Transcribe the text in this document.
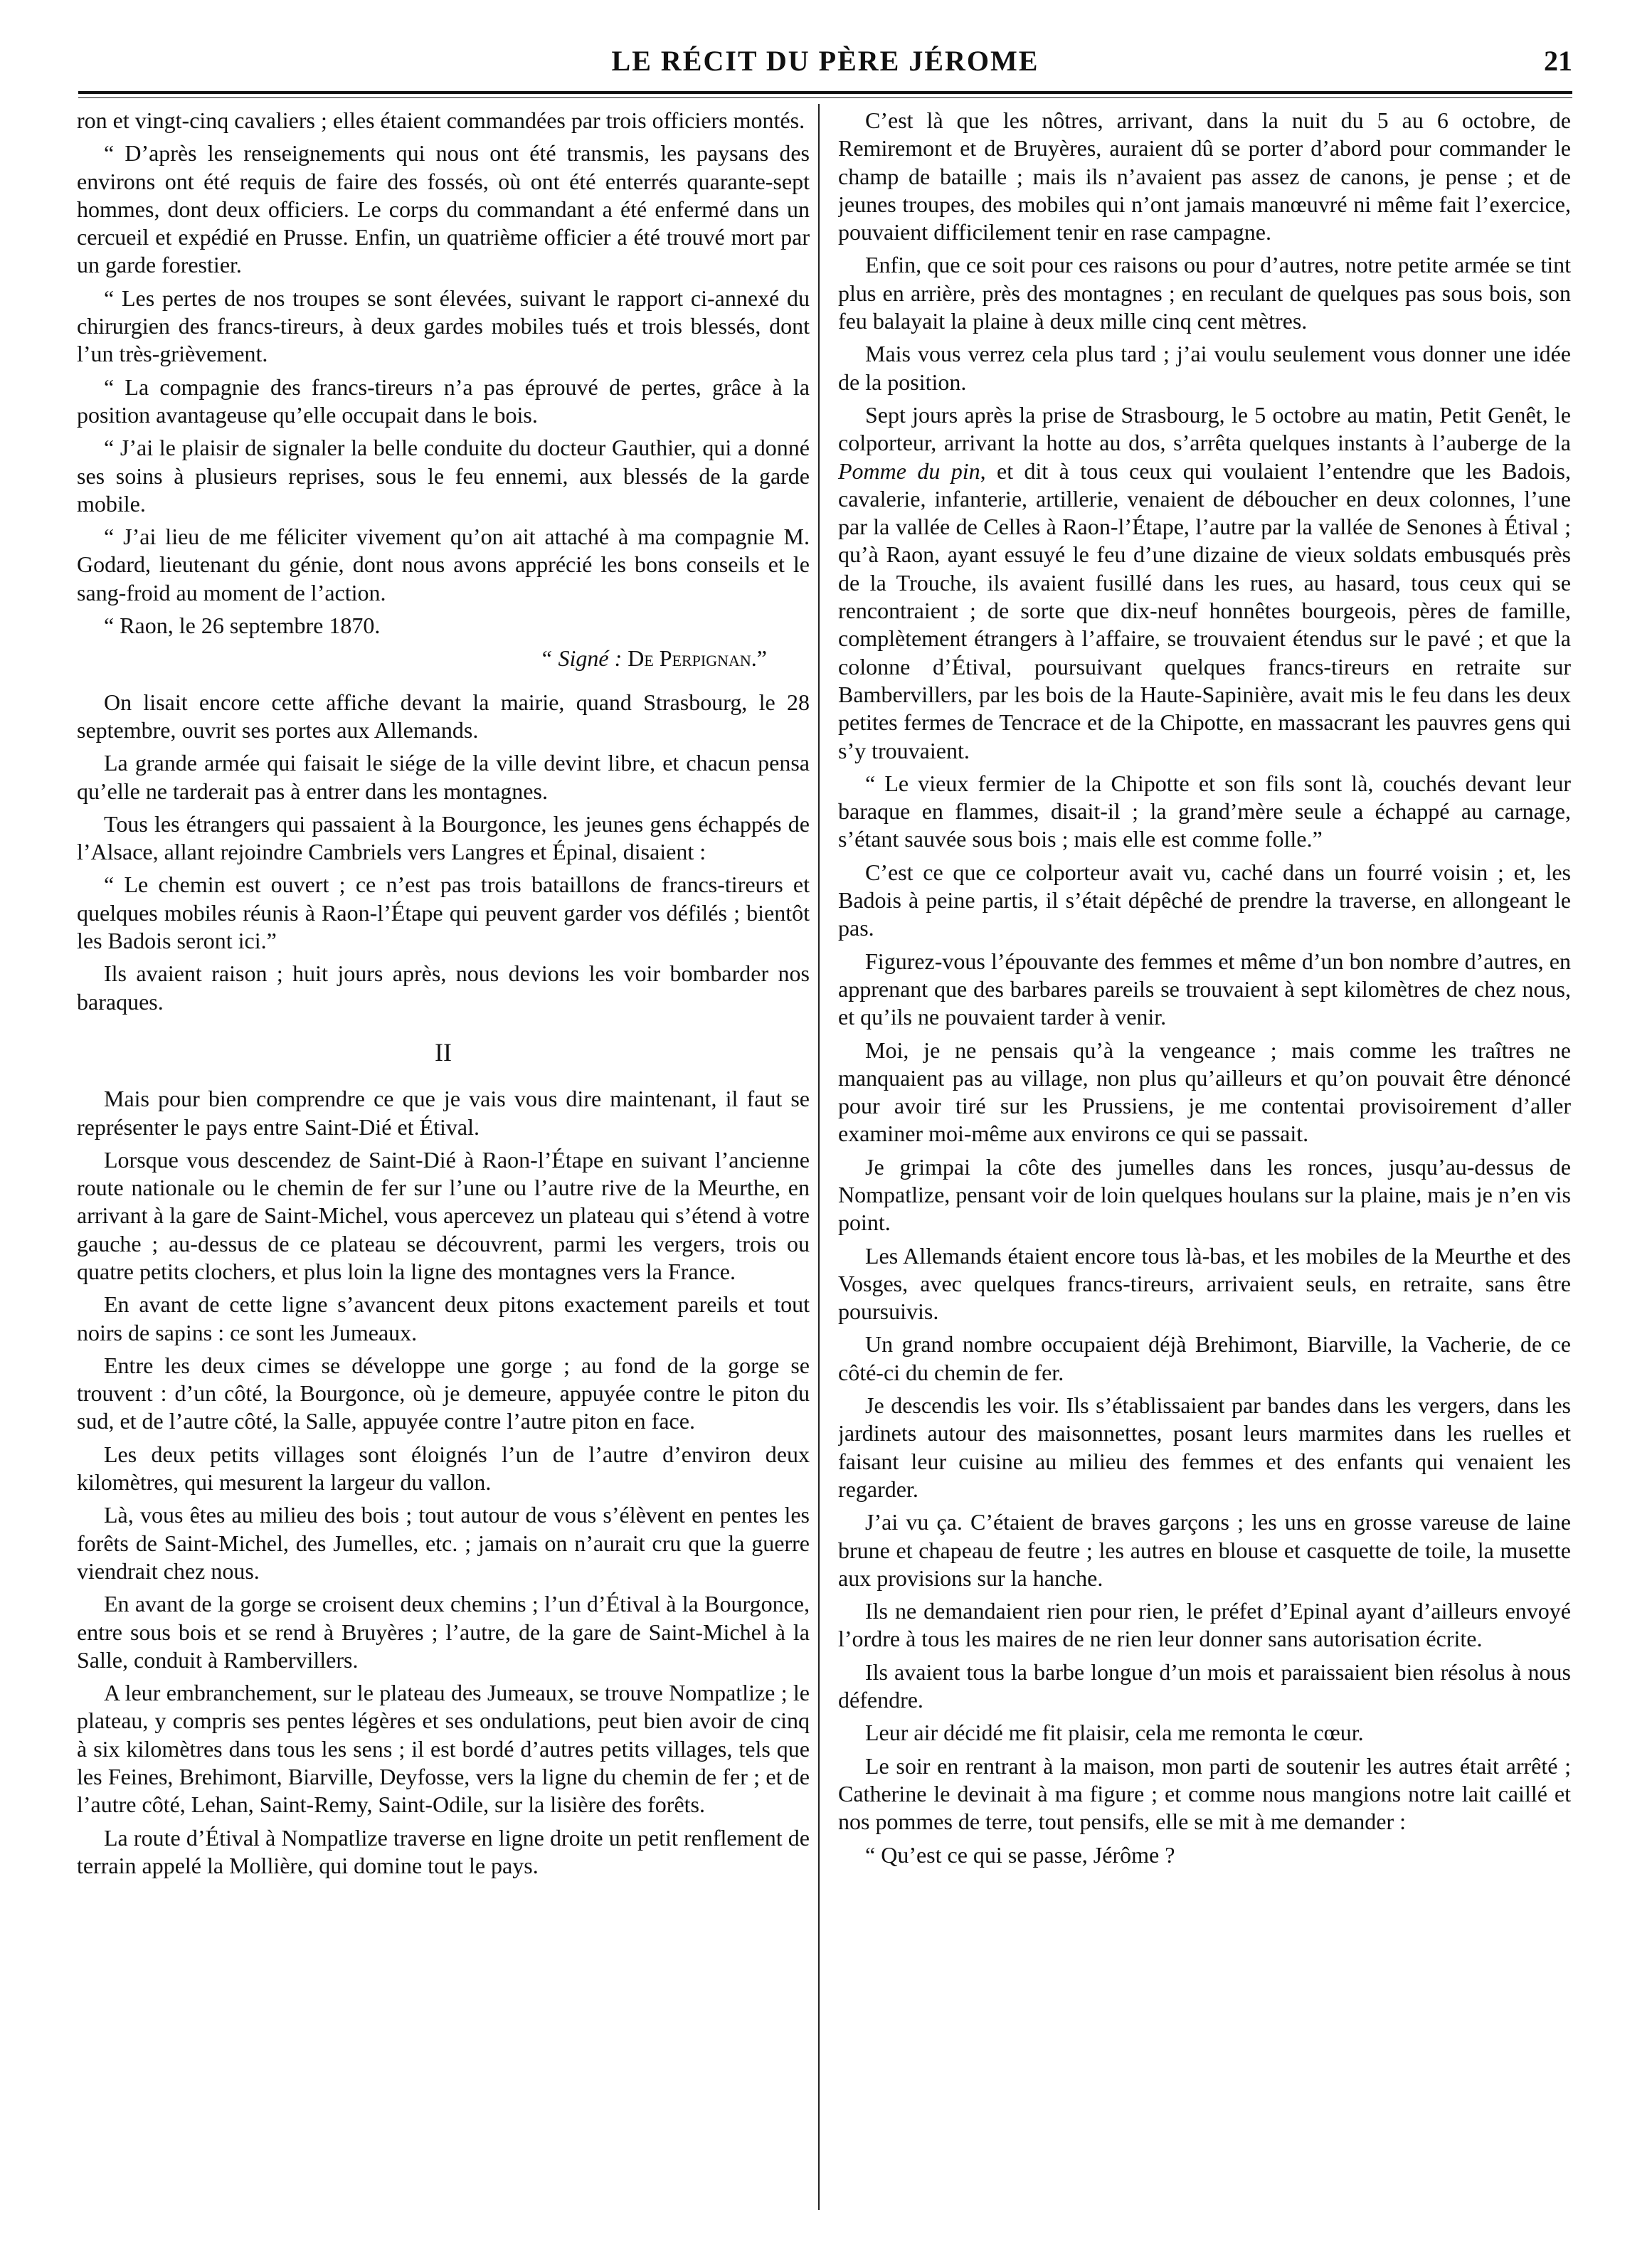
LE RÉCIT DU PÈRE JÉROME	21

ron et vingt-cinq cavaliers ; elles étaient commandées par trois officiers montés.

“ D’après les renseignements qui nous ont été transmis, les paysans des environs ont été requis de faire des fossés, où ont été enterrés quarante-sept hommes, dont deux officiers. Le corps du commandant a été enfermé dans un cercueil et expédié en Prusse. Enfin, un quatrième officier a été trouvé mort par un garde forestier.

“ Les pertes de nos troupes se sont élevées, suivant le rapport ci-annexé du chirurgien des francs-tireurs, à deux gardes mobiles tués et trois blessés, dont l’un très-grièvement.

“ La compagnie des francs-tireurs n’a pas éprouvé de pertes, grâce à la position avantageuse qu’elle occupait dans le bois.

“ J’ai le plaisir de signaler la belle conduite du docteur Gauthier, qui a donné ses soins à plusieurs reprises, sous le feu ennemi, aux blessés de la garde mobile.

“ J’ai lieu de me féliciter vivement qu’on ait attaché à ma compagnie M. Godard, lieutenant du génie, dont nous avons apprécié les bons conseils et le sang-froid au moment de l’action.

“ Raon, le 26 septembre 1870.

“ Signé : De Perpignan.”

On lisait encore cette affiche devant la mairie, quand Strasbourg, le 28 septembre, ouvrit ses portes aux Allemands.

La grande armée qui faisait le siége de la ville devint libre, et chacun pensa qu’elle ne tarderait pas à entrer dans les montagnes.

Tous les étrangers qui passaient à la Bourgonce, les jeunes gens échappés de l’Alsace, allant rejoindre Cambriels vers Langres et Épinal, disaient :

“ Le chemin est ouvert ; ce n’est pas trois bataillons de francs-tireurs et quelques mobiles réunis à Raon-l’Étape qui peuvent garder vos défilés ; bientôt les Badois seront ici.”

Ils avaient raison ; huit jours après, nous devions les voir bombarder nos baraques.

II

Mais pour bien comprendre ce que je vais vous dire maintenant, il faut se représenter le pays entre Saint-Dié et Étival.

Lorsque vous descendez de Saint-Dié à Raon-l’Étape en suivant l’ancienne route nationale ou le chemin de fer sur l’une ou l’autre rive de la Meurthe, en arrivant à la gare de Saint-Michel, vous apercevez un plateau qui s’étend à votre gauche ; au-dessus de ce plateau se découvrent, parmi les vergers, trois ou quatre petits clochers, et plus loin la ligne des montagnes vers la France.

En avant de cette ligne s’avancent deux pitons exactement pareils et tout noirs de sapins : ce sont les Jumeaux.

Entre les deux cimes se développe une gorge ; au fond de la gorge se trouvent : d’un côté, la Bourgonce, où je demeure, appuyée contre le piton du sud, et de l’autre côté, la Salle, appuyée contre l’autre piton en face.

Les deux petits villages sont éloignés l’un de l’autre d’environ deux kilomètres, qui mesurent la largeur du vallon.

Là, vous êtes au milieu des bois ; tout autour de vous s’élèvent en pentes les forêts de Saint-Michel, des Jumelles, etc. ; jamais on n’aurait cru que la guerre viendrait chez nous.

En avant de la gorge se croisent deux chemins ; l’un d’Étival à la Bourgonce, entre sous bois et se rend à Bruyères ; l’autre, de la gare de Saint-Michel à la Salle, conduit à Rambervillers.

A leur embranchement, sur le plateau des Jumeaux, se trouve Nompatlize ; le plateau, y compris ses pentes légères et ses ondulations, peut bien avoir de cinq à six kilomètres dans tous les sens ; il est bordé d’autres petits villages, tels que les Feines, Brehimont, Biarville, Deyfosse, vers la ligne du chemin de fer ; et de l’autre côté, Lehan, Saint-Remy, Saint-Odile, sur la lisière des forêts.

La route d’Étival à Nompatlize traverse en ligne droite un petit renflement de terrain appelé la Mollière, qui domine tout le pays.

C’est là que les nôtres, arrivant, dans la nuit du 5 au 6 octobre, de Remiremont et de Bruyères, auraient dû se porter d’abord pour commander le champ de bataille ; mais ils n’avaient pas assez de canons, je pense ; et de jeunes troupes, des mobiles qui n’ont jamais manœuvré ni même fait l’exercice, pouvaient difficilement tenir en rase campagne.

Enfin, que ce soit pour ces raisons ou pour d’autres, notre petite armée se tint plus en arrière, près des montagnes ; en reculant de quelques pas sous bois, son feu balayait la plaine à deux mille cinq cent mètres.

Mais vous verrez cela plus tard ; j’ai voulu seulement vous donner une idée de la position.

Sept jours après la prise de Strasbourg, le 5 octobre au matin, Petit Genêt, le colporteur, arrivant la hotte au dos, s’arrêta quelques instants à l’auberge de la Pomme du pin, et dit à tous ceux qui voulaient l’entendre que les Badois, cavalerie, infanterie, artillerie, venaient de déboucher en deux colonnes, l’une par la vallée de Celles à Raon-l’Étape, l’autre par la vallée de Senones à Étival ; qu’à Raon, ayant essuyé le feu d’une dizaine de vieux soldats embusqués près de la Trouche, ils avaient fusillé dans les rues, au hasard, tous ceux qui se rencontraient ; de sorte que dix-neuf honnêtes bourgeois, pères de famille, complètement étrangers à l’affaire, se trouvaient étendus sur le pavé ; et que la colonne d’Étival, poursuivant quelques francs-tireurs en retraite sur Bambervillers, par les bois de la Haute-Sapinière, avait mis le feu dans les deux petites fermes de Tencrace et de la Chipotte, en massacrant les pauvres gens qui s’y trouvaient.

“ Le vieux fermier de la Chipotte et son fils sont là, couchés devant leur baraque en flammes, disait-il ; la grand’mère seule a échappé au carnage, s’étant sauvée sous bois ; mais elle est comme folle.”

C’est ce que ce colporteur avait vu, caché dans un fourré voisin ; et, les Badois à peine partis, il s’était dépêché de prendre la traverse, en allongeant le pas.

Figurez-vous l’épouvante des femmes et même d’un bon nombre d’autres, en apprenant que des barbares pareils se trouvaient à sept kilomètres de chez nous, et qu’ils ne pouvaient tarder à venir.

Moi, je ne pensais qu’à la vengeance ; mais comme les traîtres ne manquaient pas au village, non plus qu’ailleurs et qu’on pouvait être dénoncé pour avoir tiré sur les Prussiens, je me contentai provisoirement d’aller examiner moi-même aux environs ce qui se passait.

Je grimpai la côte des jumelles dans les ronces, jusqu’au-dessus de Nompatlize, pensant voir de loin quelques houlans sur la plaine, mais je n’en vis point.

Les Allemands étaient encore tous là-bas, et les mobiles de la Meurthe et des Vosges, avec quelques francs-tireurs, arrivaient seuls, en retraite, sans être poursuivis.

Un grand nombre occupaient déjà Brehimont, Biarville, la Vacherie, de ce côté-ci du chemin de fer.

Je descendis les voir. Ils s’établissaient par bandes dans les vergers, dans les jardinets autour des maisonnettes, posant leurs marmites dans les ruelles et faisant leur cuisine au milieu des femmes et des enfants qui venaient les regarder.

J’ai vu ça. C’étaient de braves garçons ; les uns en grosse vareuse de laine brune et chapeau de feutre ; les autres en blouse et casquette de toile, la musette aux provisions sur la hanche.

Ils ne demandaient rien pour rien, le préfet d’Epinal ayant d’ailleurs envoyé l’ordre à tous les maires de ne rien leur donner sans autorisation écrite.

Ils avaient tous la barbe longue d’un mois et paraissaient bien résolus à nous défendre.

Leur air décidé me fit plaisir, cela me remonta le cœur.

Le soir en rentrant à la maison, mon parti de soutenir les autres était arrêté ; Catherine le devinait à ma figure ; et comme nous mangions notre lait caillé et nos pommes de terre, tout pensifs, elle se mit à me demander :

“ Qu’est ce qui se passe, Jérôme ?
